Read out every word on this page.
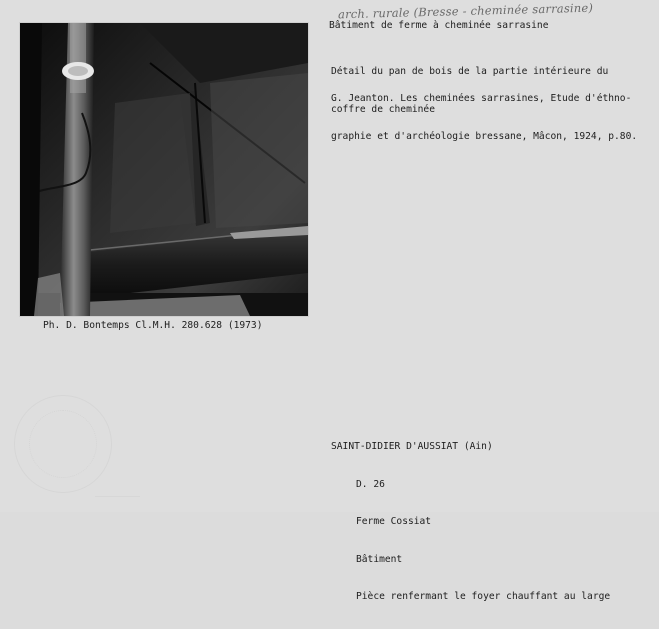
arch. rurale (Bresse - cheminée sarrasine)
Bâtiment de ferme à cheminée sarrasine

Détail du pan de bois de la partie intérieure du

coffre de cheminée

G. Jeanton. Les cheminées sarrasines, Etude d'éthno-

graphie et d'archéologie bressane, Mâcon, 1924, p.80.

Ph. D. Bontemps Cl.M.H. 280.628 (1973)

SAINT-DIDIER D'AUSSIAT (Ain)

D. 26

Ferme Cossiat

Bâtiment

Pièce renfermant le foyer chauffant au large
